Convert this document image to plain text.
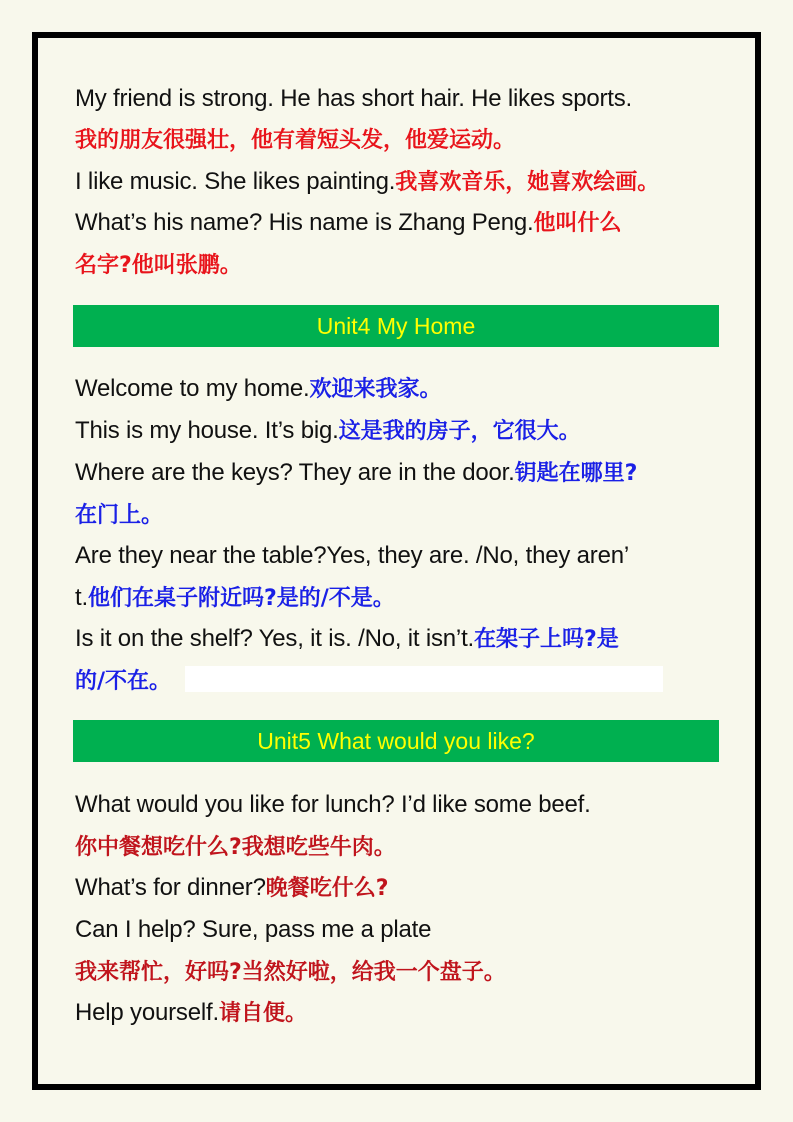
My friend is strong. He has short hair. He likes sports.
我的朋友很强壮，他有着短头发，他爱运动。
I like music. She likes painting.我喜欢音乐，她喜欢绘画。
What’s his name? His name is Zhang Peng.他叫什么
名字?他叫张鹏。
Unit4 My Home
Welcome to my home.欢迎来我家。
This is my house. It’s big.这是我的房子，它很大。
Where are the keys? They are in the door.钥匙在哪里?
在门上。
Are they near the table?Yes, they are. /No, they aren’
t.他们在桌子附近吗?是的/不是。
Is it on the shelf? Yes, it is. /No, it isn’t.在架子上吗?是
的/不在。
Unit5 What would you like?
What would you like for lunch? I’d like some beef.
你中餐想吃什么?我想吃些牛肉。
What’s for dinner?晚餐吃什么?
Can I help? Sure, pass me a plate
我来帮忙，好吗?当然好啦，给我一个盘子。
Help yourself.请自便。
